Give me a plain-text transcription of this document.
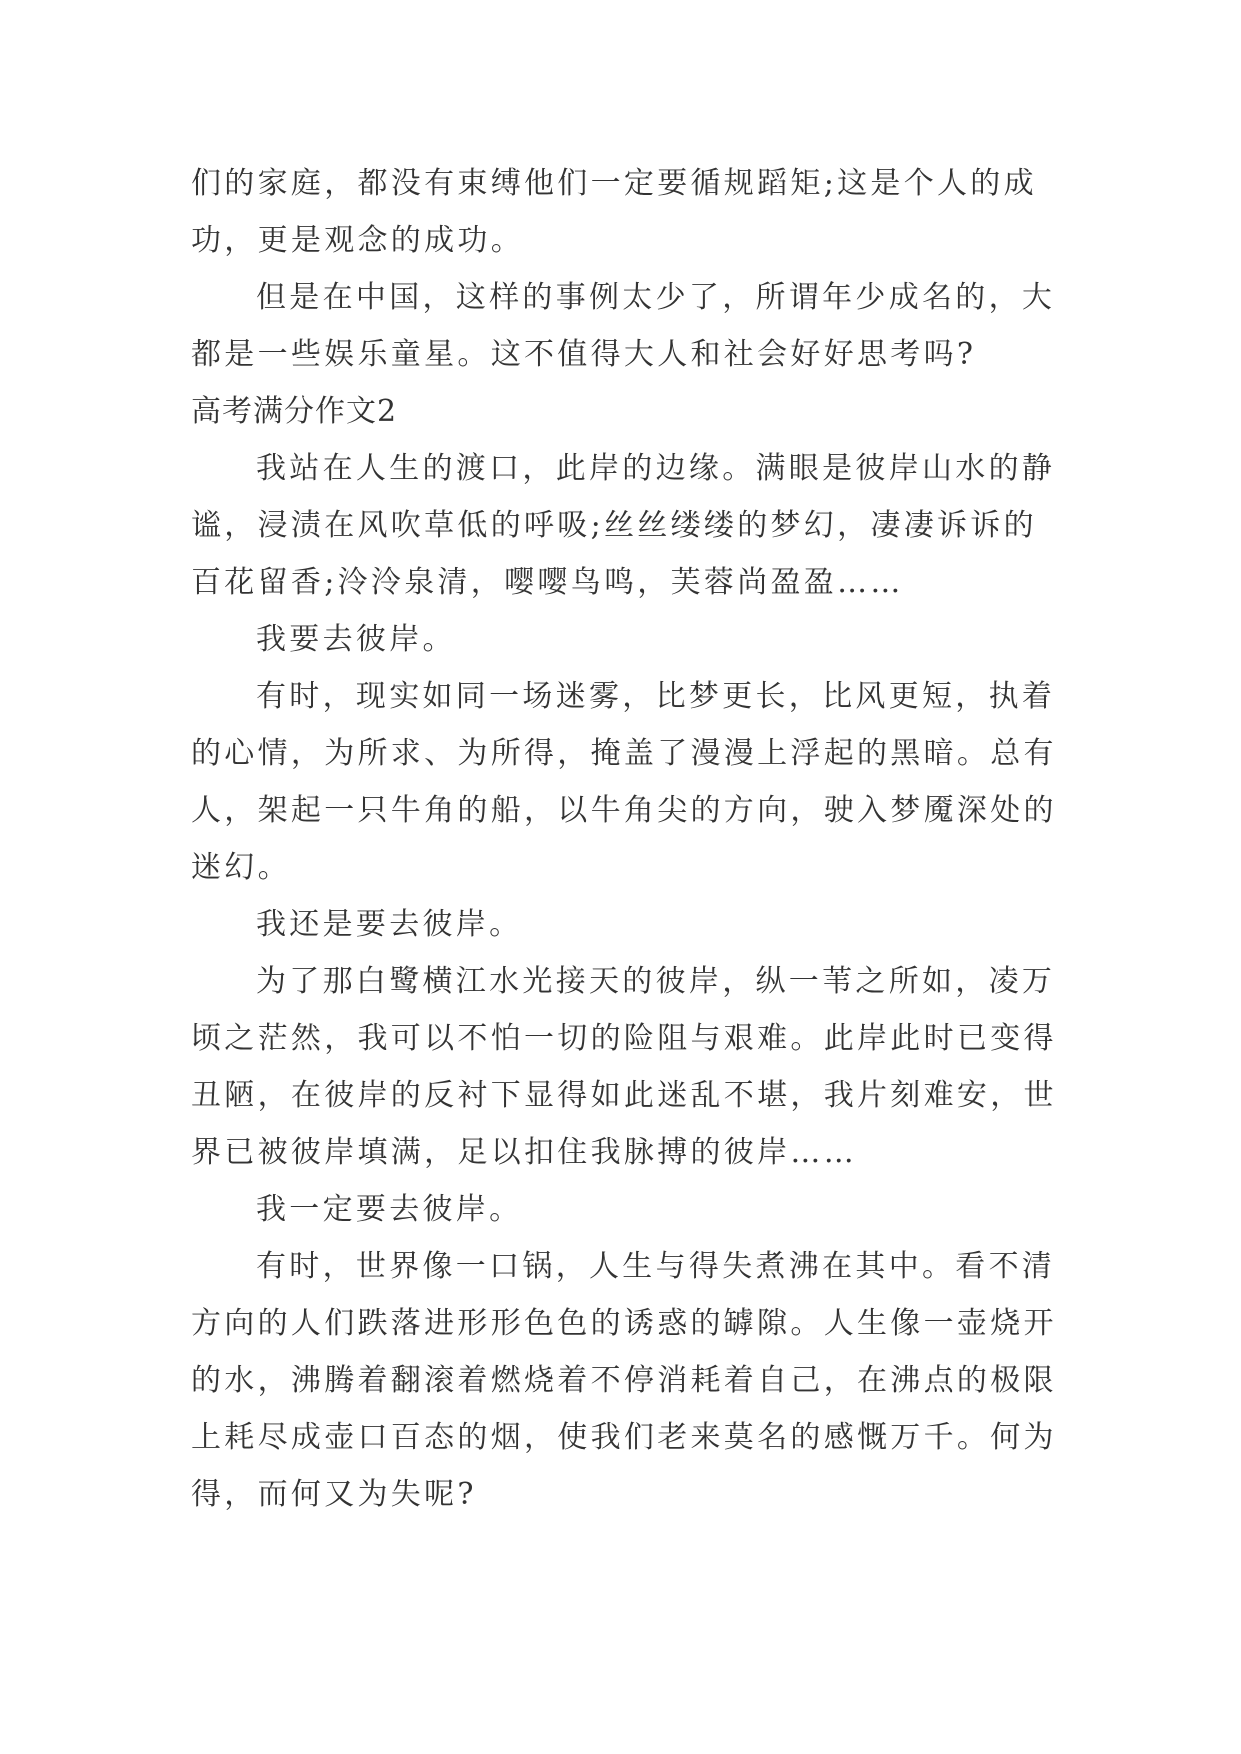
们的家庭，都没有束缚他们一定要循规蹈矩;这是个人的成

功，更是观念的成功。

但是在中国，这样的事例太少了，所谓年少成名的，大

都是一些娱乐童星。这不值得大人和社会好好思考吗?

高考满分作文2

我站在人生的渡口，此岸的边缘。满眼是彼岸山水的静

谧，浸渍在风吹草低的呼吸;丝丝缕缕的梦幻，凄凄诉诉的

百花留香;泠泠泉清，嘤嘤鸟鸣，芙蓉尚盈盈……

我要去彼岸。

有时，现实如同一场迷雾，比梦更长，比风更短，执着

的心情，为所求、为所得，掩盖了漫漫上浮起的黑暗。总有

人，架起一只牛角的船，以牛角尖的方向，驶入梦魇深处的

迷幻。

我还是要去彼岸。

为了那白鹭横江水光接天的彼岸，纵一苇之所如，凌万

顷之茫然，我可以不怕一切的险阻与艰难。此岸此时已变得

丑陋，在彼岸的反衬下显得如此迷乱不堪，我片刻难安，世

界已被彼岸填满，足以扣住我脉搏的彼岸……

我一定要去彼岸。

有时，世界像一口锅，人生与得失煮沸在其中。看不清

方向的人们跌落进形形色色的诱惑的罅隙。人生像一壶烧开

的水，沸腾着翻滚着燃烧着不停消耗着自己，在沸点的极限

上耗尽成壶口百态的烟，使我们老来莫名的感慨万千。何为

得，而何又为失呢?
